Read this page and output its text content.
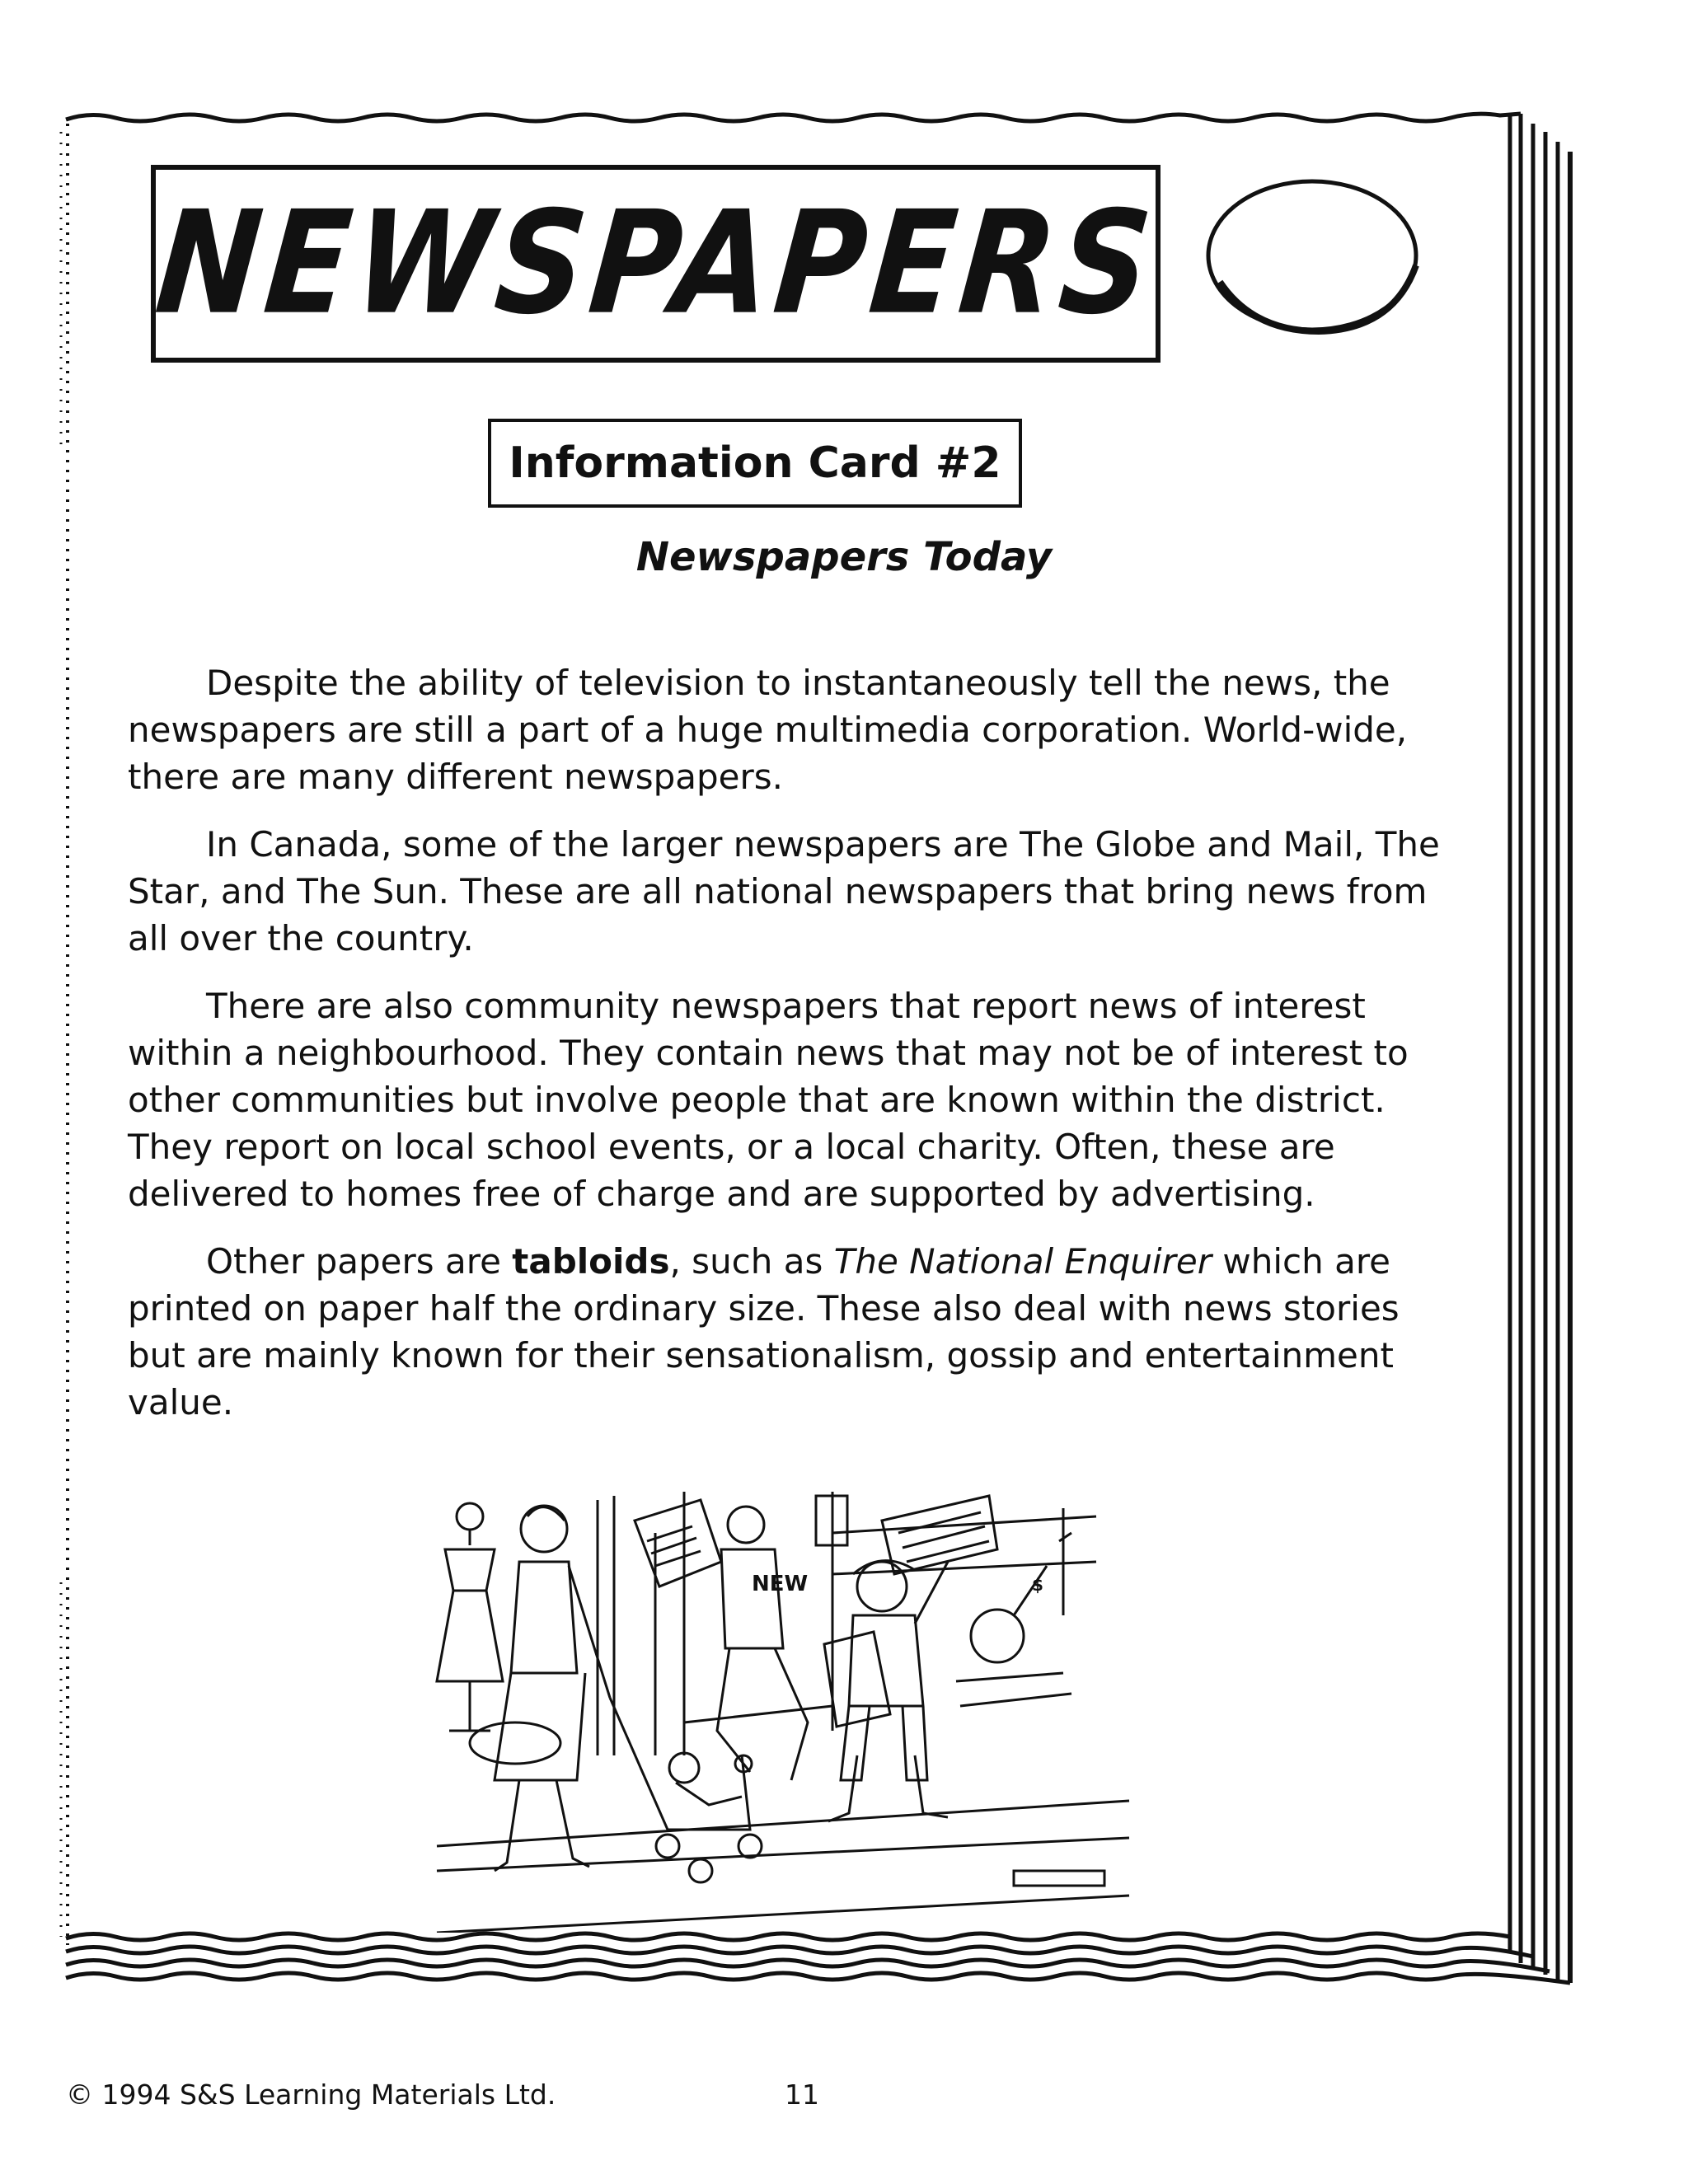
NEWSPAPERS
Information Card #2
Newspapers Today

Despite the ability of television to instantaneously tell the news, the newspapers are still a part of a huge multimedia corporation. World-wide, there are many different newspapers.

In Canada, some of the larger newspapers are The Globe and Mail, The Star, and The Sun. These are all national newspapers that bring news from all over the country.

There are also community newspapers that report news of interest within a neighbourhood. They contain news that may not be of interest to other communities but involve people that are known within the district. They report on local school events, or a local charity. Often, these are delivered to homes free of charge and are supported by advertising.

Other papers are tabloids, such as The National Enquirer which are printed on paper half the ordinary size. These also deal with news stories but are mainly known for their sensationalism, gossip and entertainment value.

NEW	$
© 1994 S&S Learning Materials Ltd.	11
